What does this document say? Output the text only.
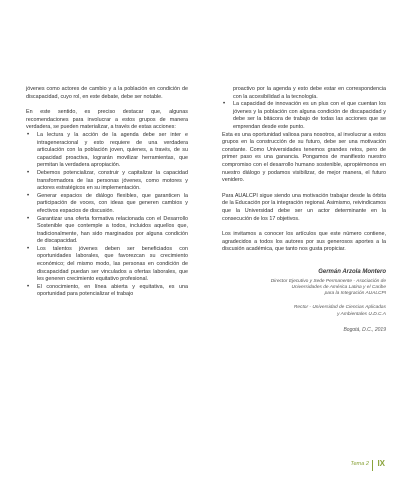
jóvenes como actores de cambio y a la población en condición de discapacidad, cuyo rol, en este debate, debe ser notable.

En este sentido, es preciso destacar que, algunas recomendaciones para involucrar a estos grupos de manera verdadera, se pueden materializar, a través de estas acciones:

• La lectura y la acción de la agenda debe ser inter e intrageneracional y esto requiere de una verdadera articulación con la población joven, quienes, a través, de su capacidad proactiva, lograrán movilizar herramientas, que permitan la verdadera apropiación.
• Debemos potencializar, construir y capitalizar la capacidad transformadora de las personas jóvenes, como motores y actores estratégicos en su implementación.
• Generar espacios de diálogo flexibles, que garanticen la participación de voces, con ideas que generen cambios y efectivos espacios de discusión.
• Garantizar una oferta formativa relacionada con el Desarrollo Sostenible que contemple a todos, incluidos aquellos que, tradicionalmente, han sido marginados por alguna condición de discapacidad.
• Los talentos jóvenes deben ser beneficiados con oportunidades laborales, que favorezcan su crecimiento económico; del mismo modo, las personas en condición de discapacidad puedan ser vinculados a ofertas laborales, que les generen crecimiento equitativo profesional.
• El conocimiento, en línea abierta y equitativa, es una oportunidad para potencializar el trabajo

proactivo por la agenda y esto debe estar en correspondencia con la accesibilidad a la tecnología.

• La capacidad de innovación es un plus con el que cuentan los jóvenes y la población con alguna condición de discapacidad y debe ser la bitácora de trabajo de todas las acciones que se emprendan desde este punto.

Esta es una oportunidad valiosa para nosotros, al involucrar a estos grupos en la construcción de su futuro, debe ser una motivación constante. Como Universidades tenemos grandes retos, pero de primer paso es una ganancia. Pongamos de manifiesto nuestro compromiso con el desarrollo humano sostenible, apropiémonos en nuestro diálogo y podamos visibilizar, de mejor manera, el futuro venidero.

Para AUALCPI sigue siendo una motivación trabajar desde la órbita de la Educación por la integración regional. Asimismo, reivindicamos que la Universidad debe ser un actor determinante en la consecución de los 17 objetivos.

Los invitamos a conocer los artículos que este número contiene, agradecidos a todos los autores por sus generosos aportes a la discusión académica, que tanto nos gusta propiciar.

Germán Arzola Montero
Director Ejecutivo y Sede Permanente - Asociación de
Universidades de América Latina y el Caribe
para la Integración AUALCPI
Rector - Universidad de Ciencias Aplicadas
y Ambientales U.D.C.A
Bogotá, D.C., 2019
Tema 2 IX
